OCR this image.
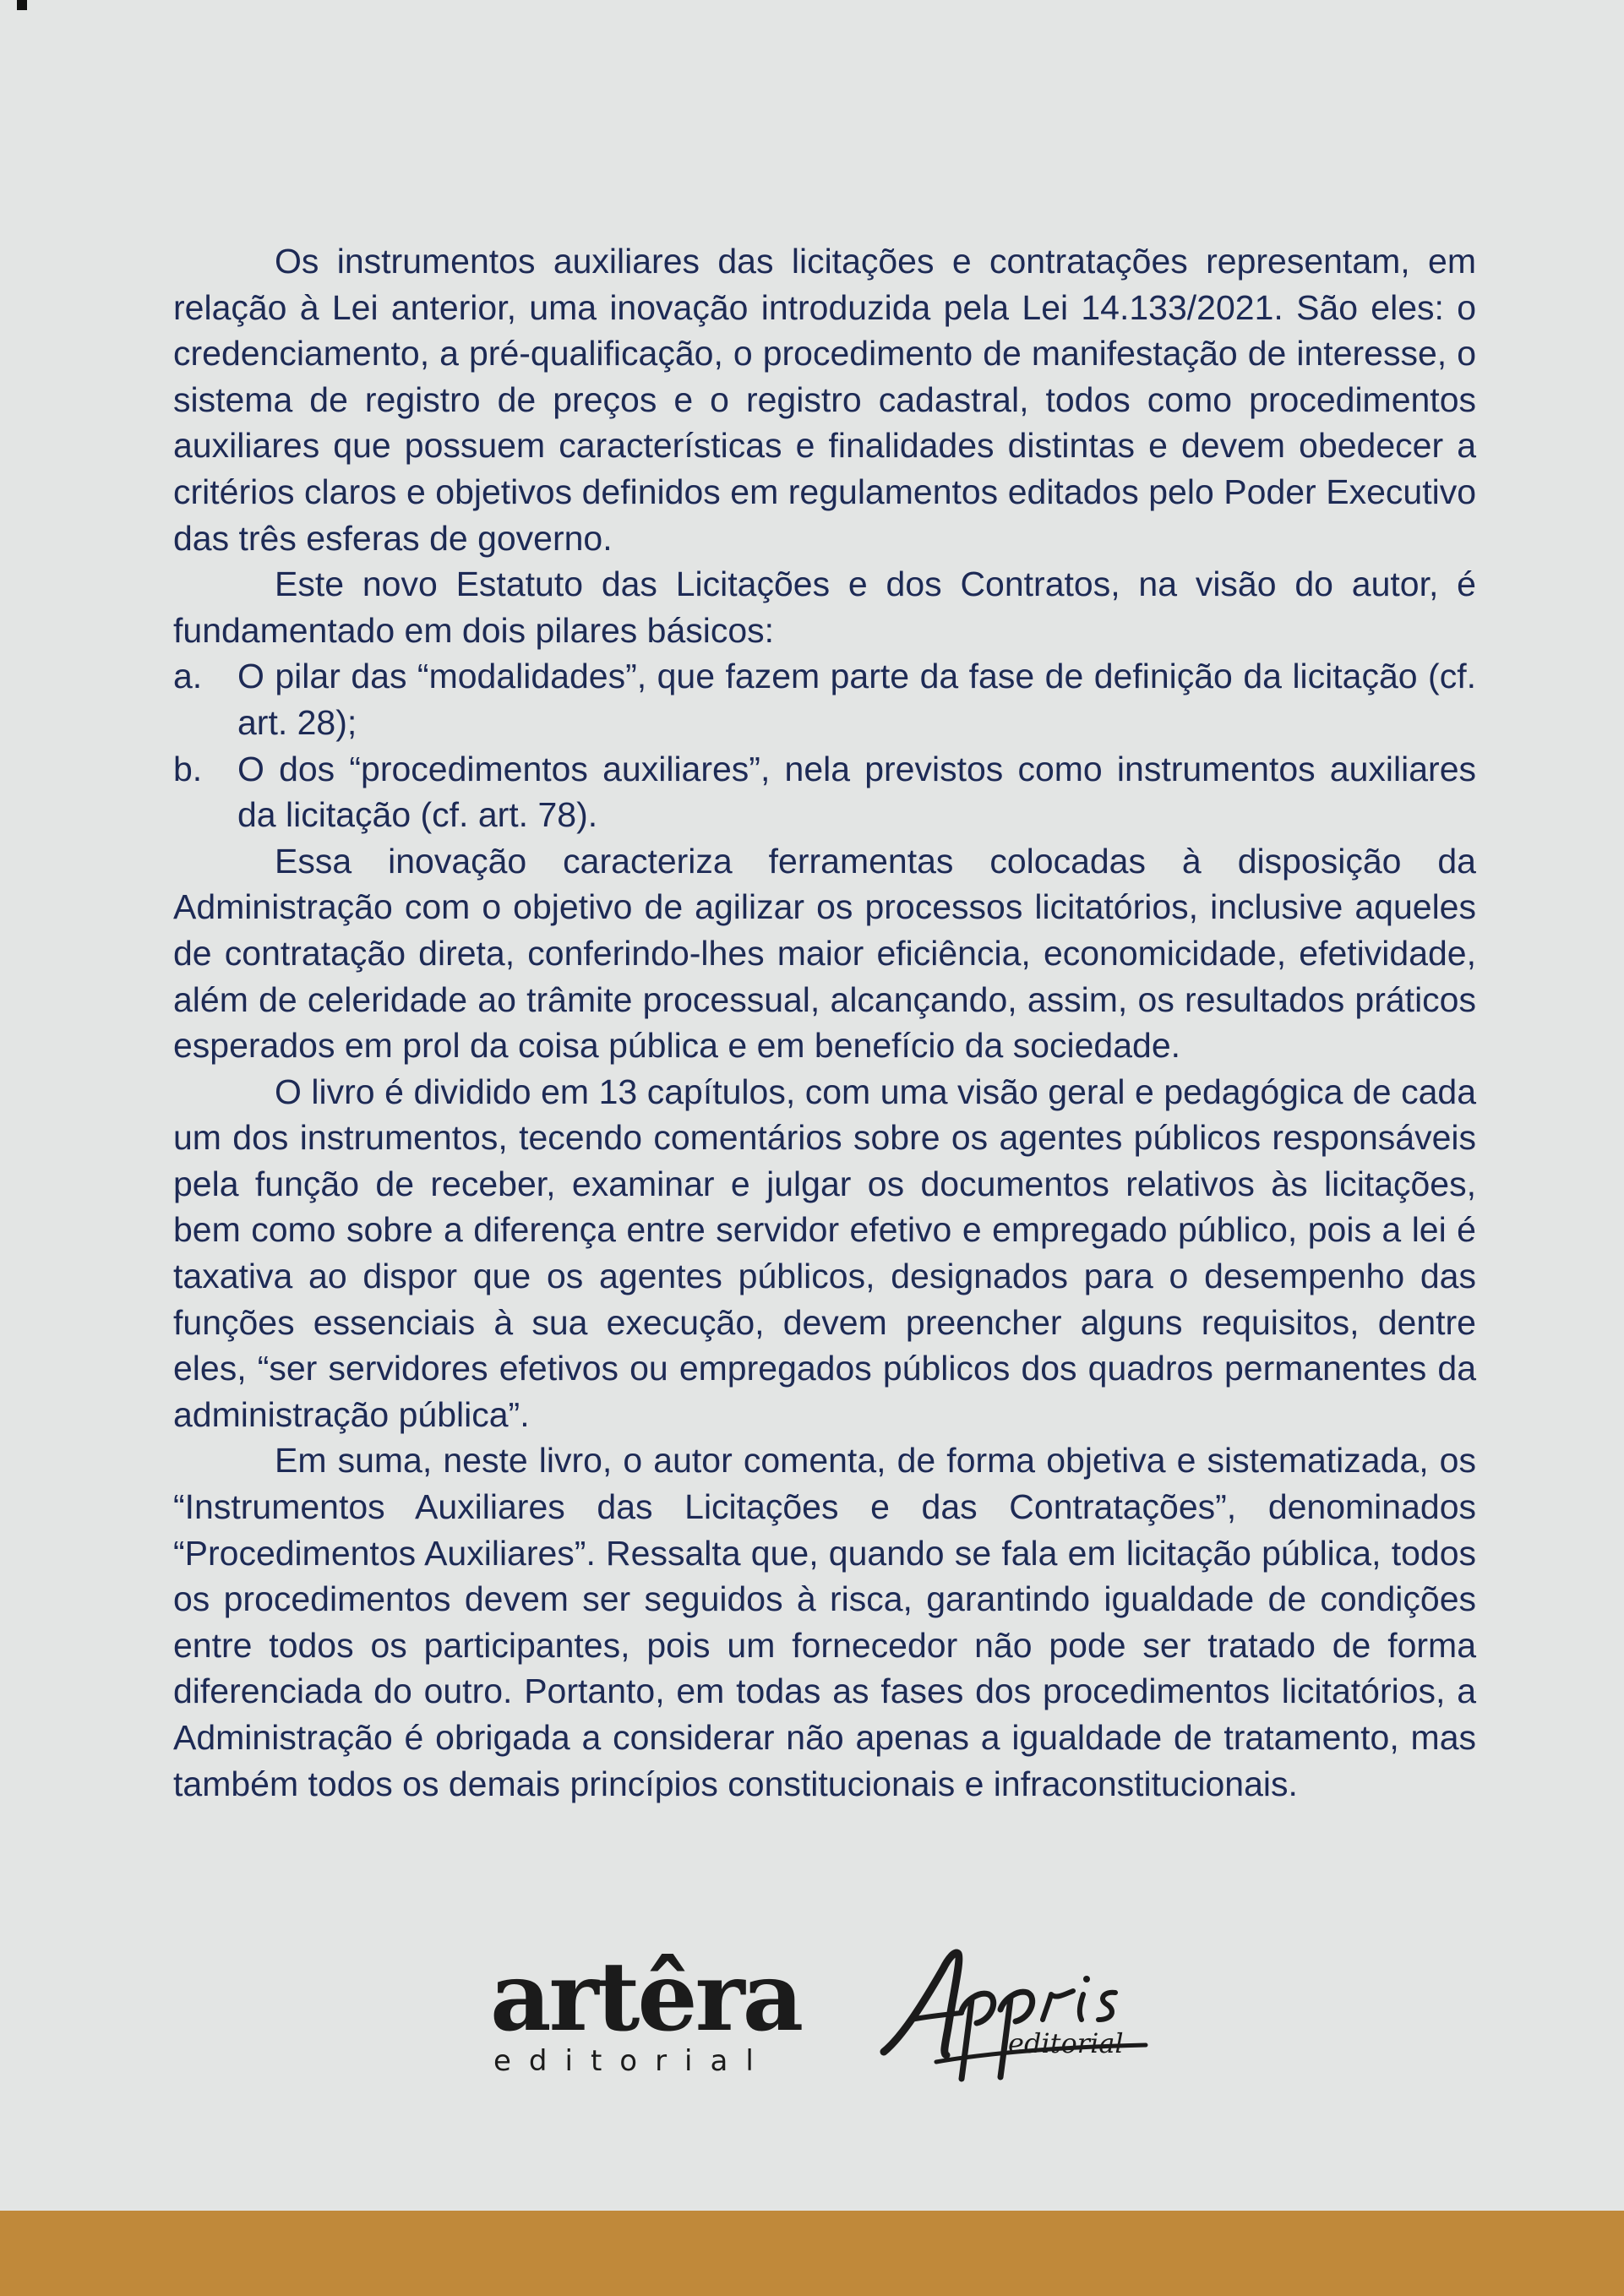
Os instrumentos auxiliares das licitações e contratações representam, em relação à Lei anterior, uma inovação introduzida pela Lei 14.133/2021. São eles: o credenciamento, a pré-qualificação, o procedimento de manifestação de interesse, o sistema de registro de preços e o registro cadastral, todos como procedimentos auxiliares que possuem características e finalidades distintas e devem obedecer a critérios claros e objetivos definidos em regulamentos editados pelo Poder Executivo das três esferas de governo.

Este novo Estatuto das Licitações e dos Contratos, na visão do autor, é fundamentado em dois pilares básicos:

a. O pilar das “modalidades”, que fazem parte da fase de definição da licitação (cf. art. 28);
b. O dos “procedimentos auxiliares”, nela previstos como instrumentos auxiliares da licitação (cf. art. 78).

Essa inovação caracteriza ferramentas colocadas à disposição da Administração com o objetivo de agilizar os processos licitatórios, inclusive aqueles de contratação direta, conferindo-lhes maior eficiência, economicidade, efetividade, além de celeridade ao trâmite processual, alcançando, assim, os resultados práticos esperados em prol da coisa pública e em benefício da sociedade.

O livro é dividido em 13 capítulos, com uma visão geral e pedagógica de cada um dos instrumentos, tecendo comentários sobre os agentes públicos responsáveis pela função de receber, examinar e julgar os documentos relativos às licitações, bem como sobre a diferença entre servidor efetivo e empregado público, pois a lei é taxativa ao dispor que os agentes públicos, designados para o desempenho das funções essenciais à sua execução, devem preencher alguns requisitos, dentre eles, “ser servidores efetivos ou empregados públicos dos quadros permanentes da administração pública”.

Em suma, neste livro, o autor comenta, de forma objetiva e sistematizada, os “Instrumentos Auxiliares das Licitações e das Contratações”, denominados “Procedimentos Auxiliares”. Ressalta que, quando se fala em licitação pública, todos os procedimentos devem ser seguidos à risca, garantindo igualdade de condições entre todos os participantes, pois um fornecedor não pode ser tratado de forma diferenciada do outro. Portanto, em todas as fases dos procedimentos licitatórios, a Administração é obrigada a considerar não apenas a igualdade de tratamento, mas também todos os demais princípios constitucionais e infraconstitucionais.

artêra
editorial
editorial
